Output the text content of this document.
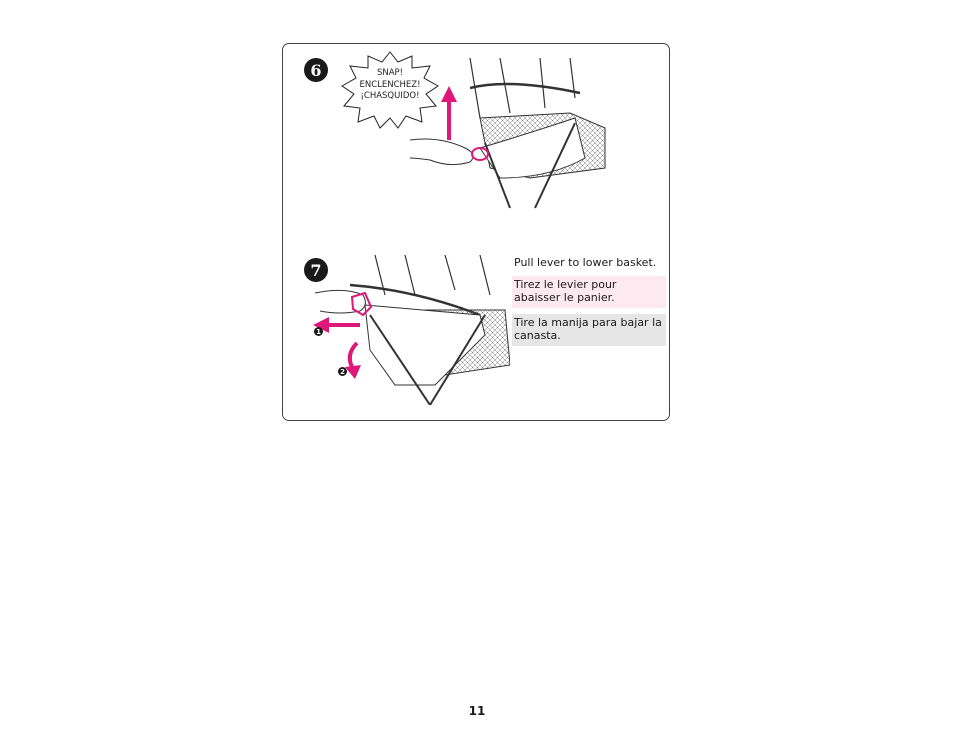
6	SNAP!
ENCLENCHEZ!
¡CHASQUIDO!
7
1
2
Pull lever to lower basket.
Tirez le levier pour abaisser le panier.
Tire la manija para bajar la canasta.
11
